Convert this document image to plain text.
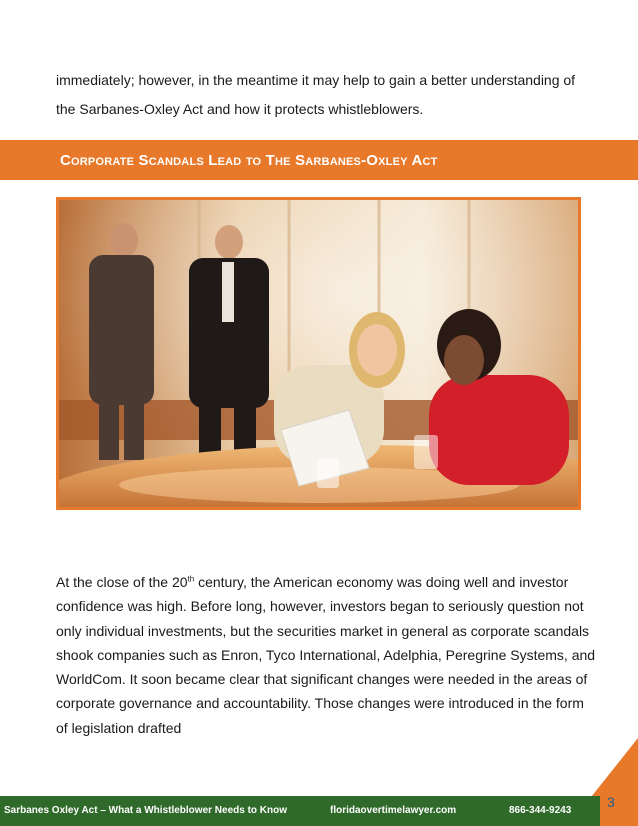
immediately; however, in the meantime it may help to gain a better understanding of the Sarbanes-Oxley Act and how it protects whistleblowers.

Corporate Scandals Lead to The Sarbanes-Oxley Act

At the close of the 20th century, the American economy was doing well and investor confidence was high. Before long, however, investors began to seriously question not only individual investments, but the securities market in general as corporate scandals shook companies such as Enron, Tyco International, Adelphia, Peregrine Systems, and WorldCom. It soon became clear that significant changes were needed in the areas of corporate governance and accountability. Those changes were introduced in the form of legislation drafted

Sarbanes Oxley Act – What a Whistleblower Needs to Know	floridaovertimelawyer.com	866-344-9243
3
